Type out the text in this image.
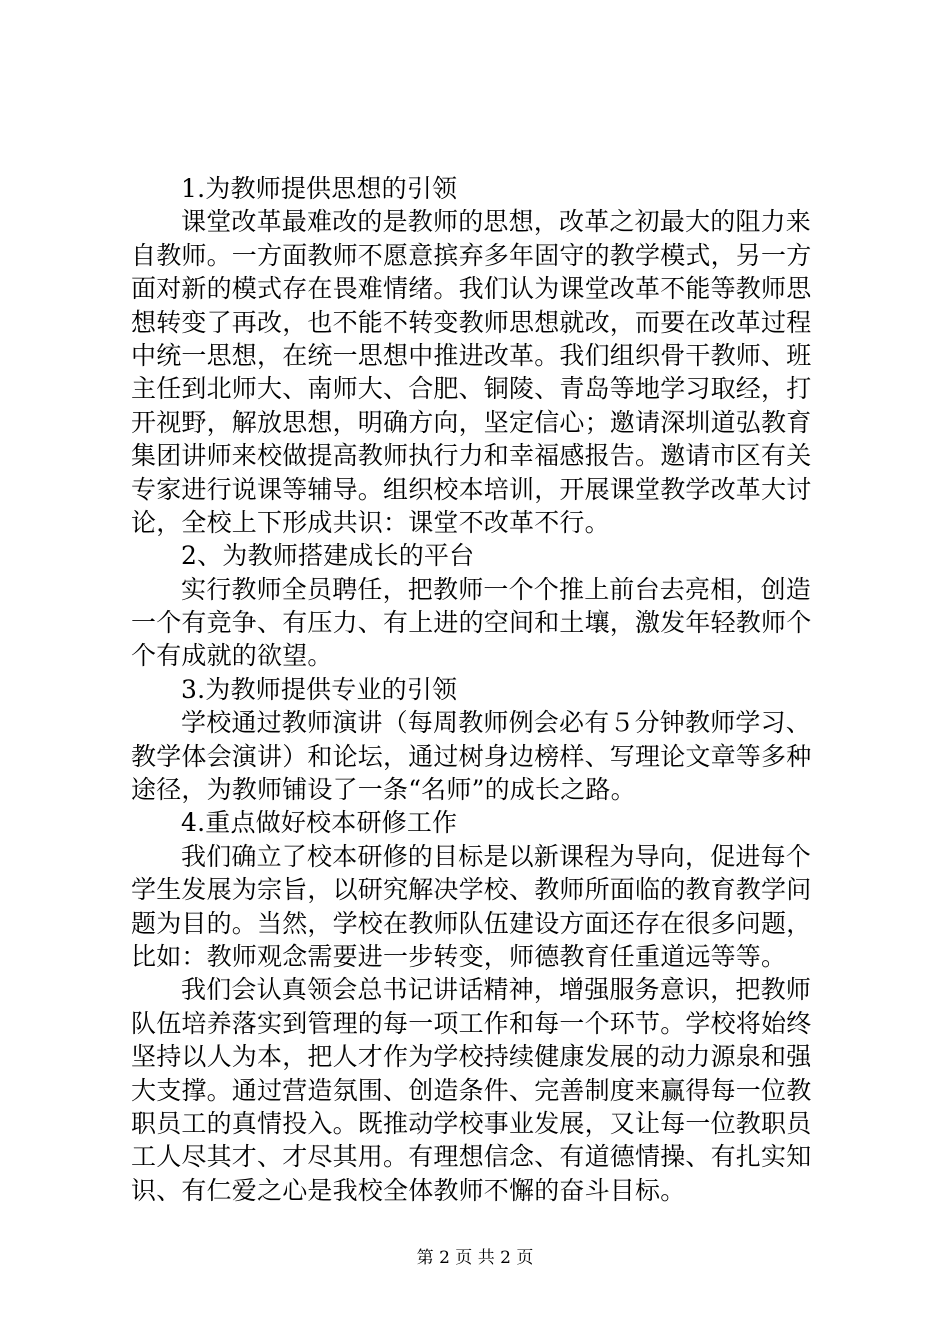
1.为教师提供思想的引领
课堂改革最难改的是教师的思想，改革之初最大的阻力来
自教师。一方面教师不愿意摈弃多年固守的教学模式，另一方
面对新的模式存在畏难情绪。我们认为课堂改革不能等教师思
想转变了再改，也不能不转变教师思想就改，而要在改革过程
中统一思想，在统一思想中推进改革。我们组织骨干教师、班
主任到北师大、南师大、合肥、铜陵、青岛等地学习取经，打
开视野，解放思想，明确方向，坚定信心；邀请深圳道弘教育
集团讲师来校做提高教师执行力和幸福感报告。邀请市区有关
专家进行说课等辅导。组织校本培训，开展课堂教学改革大讨
论，全校上下形成共识：课堂不改革不行。
2、为教师搭建成长的平台
实行教师全员聘任，把教师一个个推上前台去亮相，创造
一个有竞争、有压力、有上进的空间和土壤，激发年轻教师个
个有成就的欲望。
3.为教师提供专业的引领
学校通过教师演讲（每周教师例会必有５分钟教师学习、
教学体会演讲）和论坛，通过树身边榜样、写理论文章等多种
途径，为教师铺设了一条“名师”的成长之路。
4.重点做好校本研修工作
我们确立了校本研修的目标是以新课程为导向，促进每个
学生发展为宗旨，以研究解决学校、教师所面临的教育教学问
题为目的。当然，学校在教师队伍建设方面还存在很多问题，
比如：教师观念需要进一步转变，师德教育任重道远等等。
我们会认真领会总书记讲话精神，增强服务意识，把教师
队伍培养落实到管理的每一项工作和每一个环节。学校将始终
坚持以人为本，把人才作为学校持续健康发展的动力源泉和强
大支撑。通过营造氛围、创造条件、完善制度来赢得每一位教
职员工的真情投入。既推动学校事业发展，又让每一位教职员
工人尽其才、才尽其用。有理想信念、有道德情操、有扎实知
识、有仁爱之心是我校全体教师不懈的奋斗目标。
第 2 页 共 2 页
